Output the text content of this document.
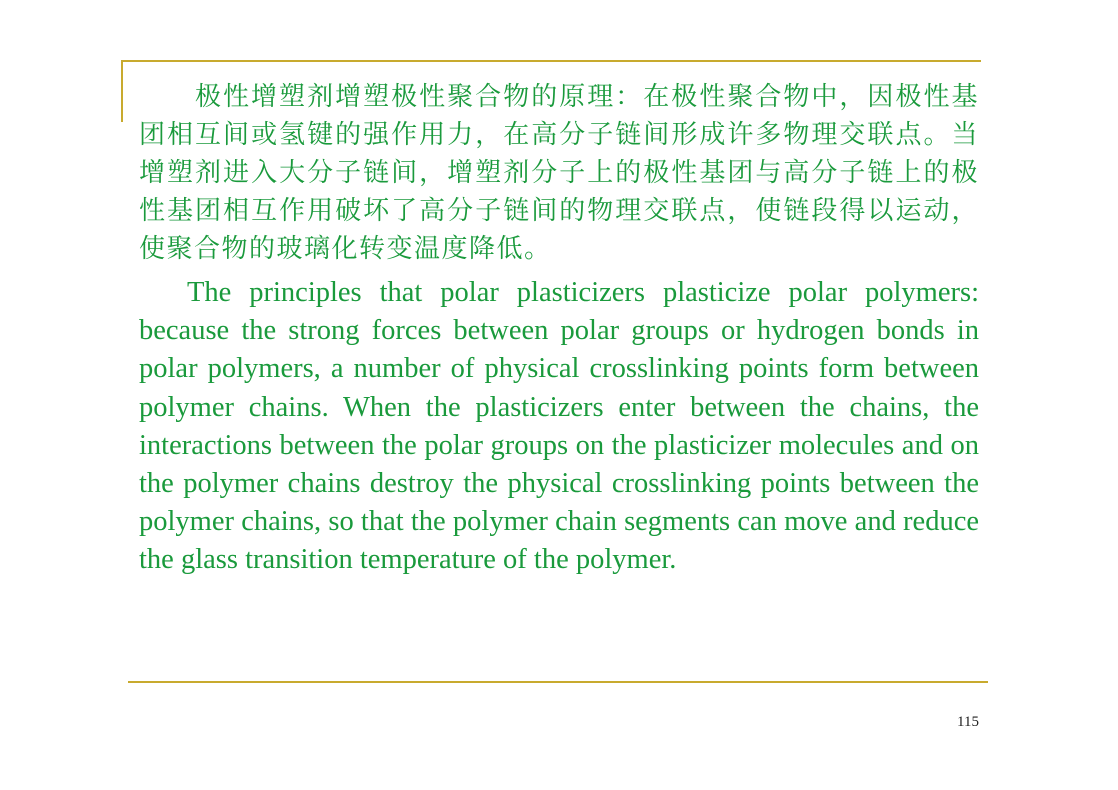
极性增塑剂增塑极性聚合物的原理：在极性聚合物中，因极性基团相互间或氢键的强作用力，在高分子链间形成许多物理交联点。当增塑剂进入大分子链间，增塑剂分子上的极性基团与高分子链上的极性基团相互作用破坏了高分子链间的物理交联点，使链段得以运动，使聚合物的玻璃化转变温度降低。

The principles that polar plasticizers plasticize polar polymers: because the strong forces between polar groups or hydrogen bonds in polar polymers, a number of physical crosslinking points form between polymer chains. When the plasticizers enter between the chains, the interactions between the polar groups on the plasticizer molecules and on the polymer chains destroy the physical crosslinking points between the polymer chains, so that the polymer chain segments can move and reduce the glass transition temperature of the polymer.

115
